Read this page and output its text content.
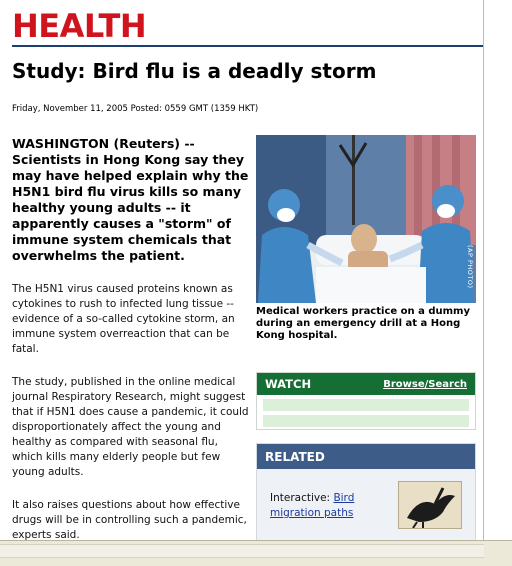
HEALTH
Study: Bird flu is a deadly storm
Friday, November 11, 2005 Posted: 0559 GMT (1359 HKT)

WASHINGTON (Reuters) -- Scientists in Hong Kong say they may have helped explain why the H5N1 bird flu virus kills so many healthy young adults -- it apparently causes a "storm" of immune system chemicals that overwhelms the patient.

The H5N1 virus caused proteins known as cytokines to rush to infected lung tissue -- evidence of a so-called cytokine storm, an immune system overreaction that can be fatal.

The study, published in the online medical journal Respiratory Research, might suggest that if H5N1 does cause a pandemic, it could disproportionately affect the young and healthy as compared with seasonal flu, which kills many elderly people but few young adults.

It also raises questions about how effective drugs will be in controlling such a pandemic, experts said.

(AP PHOTO)
Medical workers practice on a dummy during an emergency drill at a Hong Kong hospital.
WATCH	Browse/Search
RELATED
Interactive: Bird migration paths
